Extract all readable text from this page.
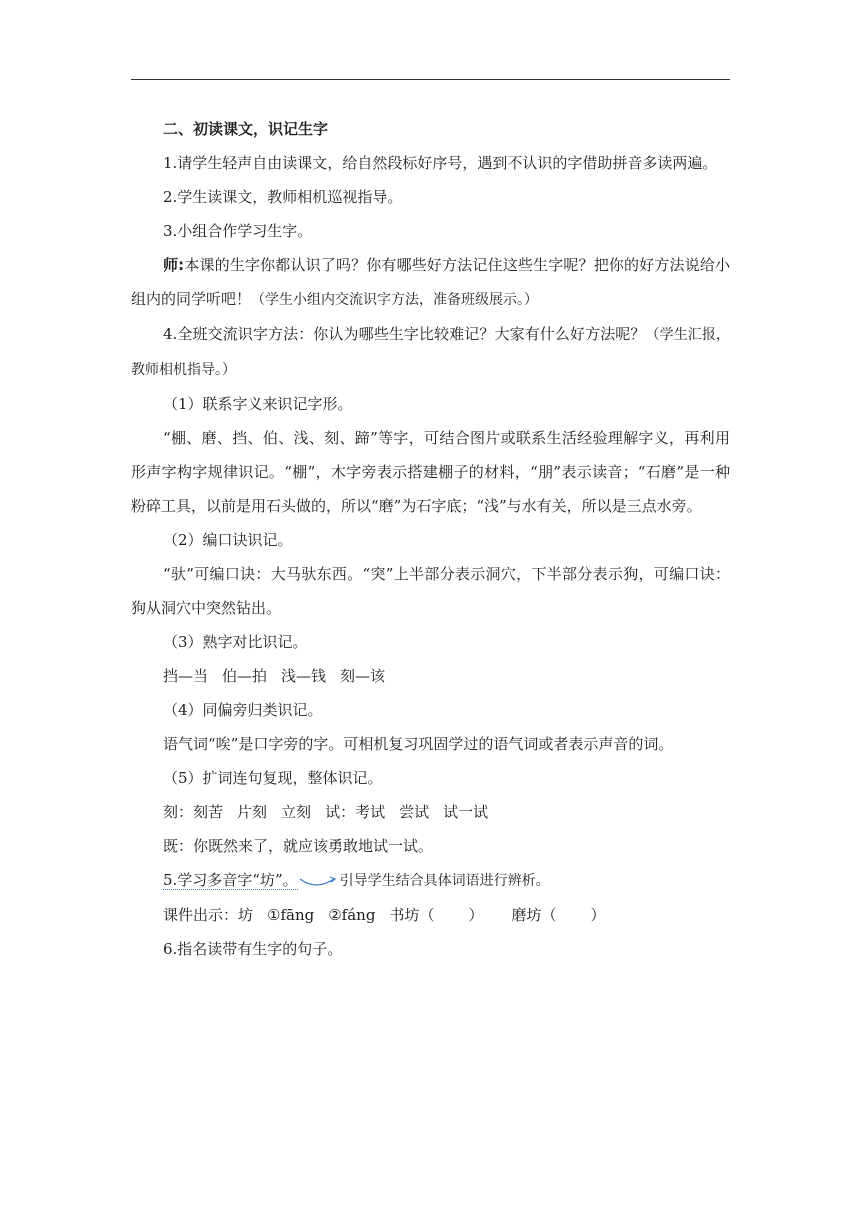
二、初读课文，识记生字

1.请学生轻声自由读课文，给自然段标好序号，遇到不认识的字借助拼音多读两遍。

2.学生读课文，教师相机巡视指导。

3.小组合作学习生字。

师:本课的生字你都认识了吗？你有哪些好方法记住这些生字呢？把你的好方法说给小组内的同学听吧！（学生小组内交流识字方法，准备班级展示。）

4.全班交流识字方法：你认为哪些生字比较难记？大家有什么好方法呢？（学生汇报，教师相机指导。）

（1）联系字义来识记字形。

“棚、磨、挡、伯、浅、刻、蹄”等字，可结合图片或联系生活经验理解字义，再利用形声字构字规律识记。“棚”，木字旁表示搭建棚子的材料，“朋”表示读音；“石磨”是一种粉碎工具，以前是用石头做的，所以“磨”为石字底；“浅”与水有关，所以是三点水旁。

（2）编口诀识记。

“驮”可编口诀：大马驮东西。“突”上半部分表示洞穴，下半部分表示狗，可编口诀：狗从洞穴中突然钻出。

（3）熟字对比识记。

挡—当 伯—拍 浅—钱 刻—该

（4）同偏旁归类识记。

语气词“唉”是口字旁的字。可相机复习巩固学过的语气词或者表示声音的词。

（5）扩词连句复现，整体识记。

刻：刻苦 片刻 立刻 试：考试 尝试 试一试

既：你既然来了，就应该勇敢地试一试。

5.学习多音字“坊”。	引导学生结合具体词语进行辨析。

课件出示：坊 ①fāng ②fáng 书坊（ ） 磨坊（ ）

6.指名读带有生字的句子。
